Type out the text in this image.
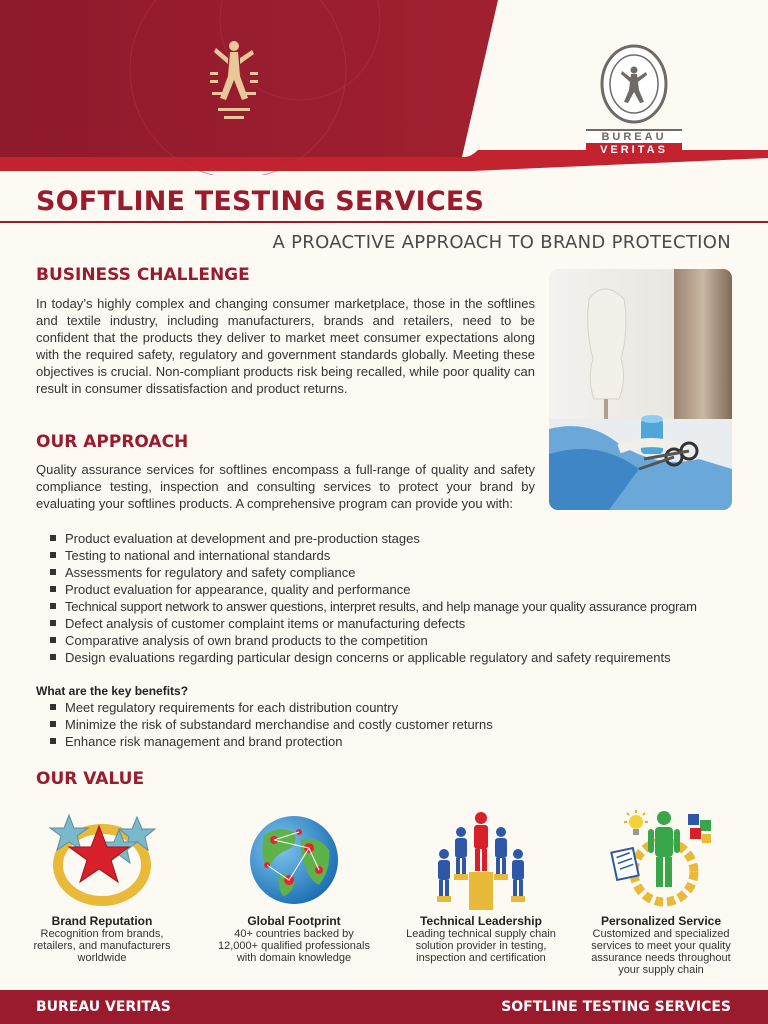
BUREAU
VERITAS
SOFTLINE TESTING SERVICES
A PROACTIVE APPROACH TO BRAND PROTECTION
BUSINESS CHALLENGE
In today’s highly complex and changing consumer marketplace, those in the softlines and textile industry, including manufacturers, brands and retailers, need to be confident that the products they deliver to market meet consumer expectations along with the required safety, regulatory and government standards globally. Meeting these objectives is crucial. Non-compliant products risk being recalled, while poor quality can result in consumer dissatisfaction and product returns.
OUR APPROACH
Quality assurance services for softlines encompass a full-range of quality and safety compliance testing, inspection and consulting services to protect your brand by evaluating your softlines products. A comprehensive program can provide you with:
Product evaluation at development and pre-production stages
Testing to national and international standards
Assessments for regulatory and safety compliance
Product evaluation for appearance, quality and performance
Technical support network to answer questions, interpret results, and help manage your quality assurance program
Defect analysis of customer complaint items or manufacturing defects
Comparative analysis of own brand products to the competition
Design evaluations regarding particular design concerns or applicable regulatory and safety requirements
What are the key benefits?
Meet regulatory requirements for each distribution country
Minimize the risk of substandard merchandise and costly customer returns
Enhance risk management and brand protection
OUR VALUE
Brand Reputation
Recognition from brands, retailers, and manufacturers worldwide
Global Footprint
40+ countries backed by 12,000+ qualified professionals with domain knowledge
Technical Leadership
Leading technical supply chain solution provider in testing, inspection and certification
Personalized Service
Customized and specialized services to meet your quality assurance needs throughout your supply chain
BUREAU VERITAS	SOFTLINE TESTING SERVICES
